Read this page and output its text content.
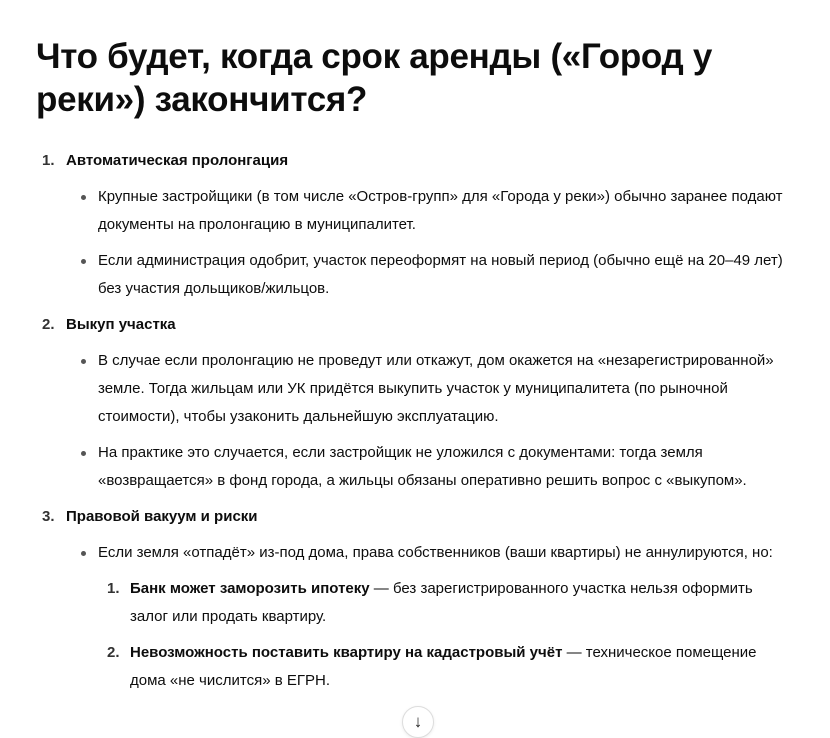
Что будет, когда срок аренды («Город у реки») закончится?
1. Автоматическая пролонгация
Крупные застройщики (в том числе «Остров-групп» для «Города у реки») обычно заранее подают документы на пролонгацию в муниципалитет.
Если администрация одобрит, участок переоформят на новый период (обычно ещё на 20–49 лет) без участия дольщиков/жильцов.
2. Выкуп участка
В случае если пролонгацию не проведут или откажут, дом окажется на «незарегистрированной» земле. Тогда жильцам или УК придётся выкупить участок у муниципалитета (по рыночной стоимости), чтобы узаконить дальнейшую эксплуатацию.
На практике это случается, если застройщик не уложился с документами: тогда земля «возвращается» в фонд города, а жильцы обязаны оперативно решить вопрос с «выкупом».
3. Правовой вакуум и риски
Если земля «отпадёт» из-под дома, права собственников (ваши квартиры) не аннулируются, но:
1. Банк может заморозить ипотеку — без зарегистрированного участка нельзя оформить залог или продать квартиру.
2. Невозможность поставить квартиру на кадастровый учёт — техническое помещение дома «не числится» в ЕГРН.
↓
